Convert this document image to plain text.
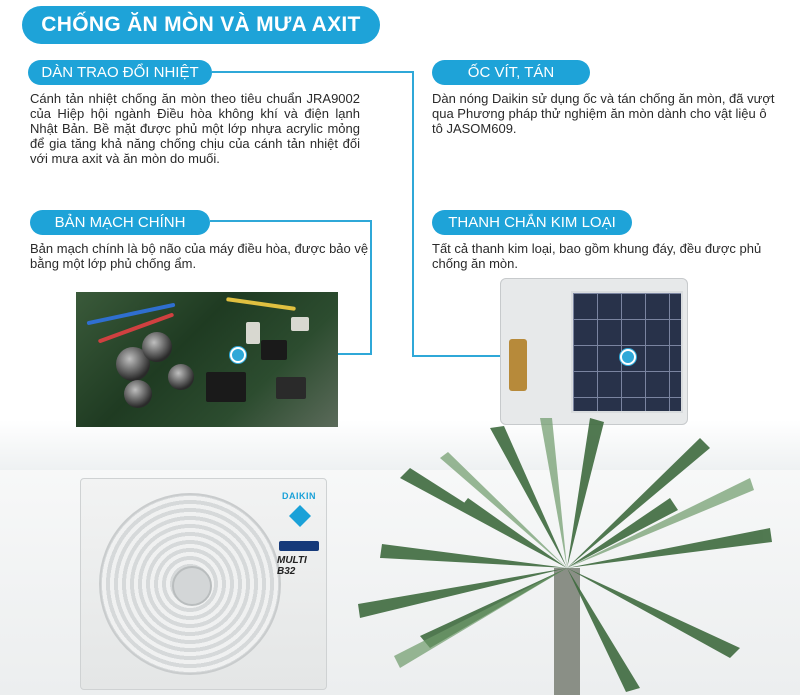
CHỐNG ĂN MÒN VÀ MƯA AXIT
DÀN TRAO ĐỔI NHIỆT
Cánh tản nhiệt chống ăn mòn theo tiêu chuẩn JRA9002 của Hiệp hội ngành Điều hòa không khí và điện lạnh Nhật Bản. Bề mặt được phủ một lớp nhựa acrylic mỏng để gia tăng khả năng chống chịu của cánh tản nhiệt đối với mưa axit và ăn mòn do muối.
ỐC VÍT, TÁN
Dàn nóng Daikin sử dụng ốc và tán chống ăn mòn, đã vượt qua Phương pháp thử nghiệm ăn mòn dành cho vật liệu ô tô JASOM609.
BẢN MẠCH CHÍNH
Bản mạch chính là bộ não của máy điều hòa, được bảo vệ bằng một lớp phủ chống ẩm.
THANH CHẮN KIM LOẠI
Tất cả thanh kim loại, bao gồm khung đáy, đều được phủ chống ăn mòn.
DAIKIN
MULTI B32
